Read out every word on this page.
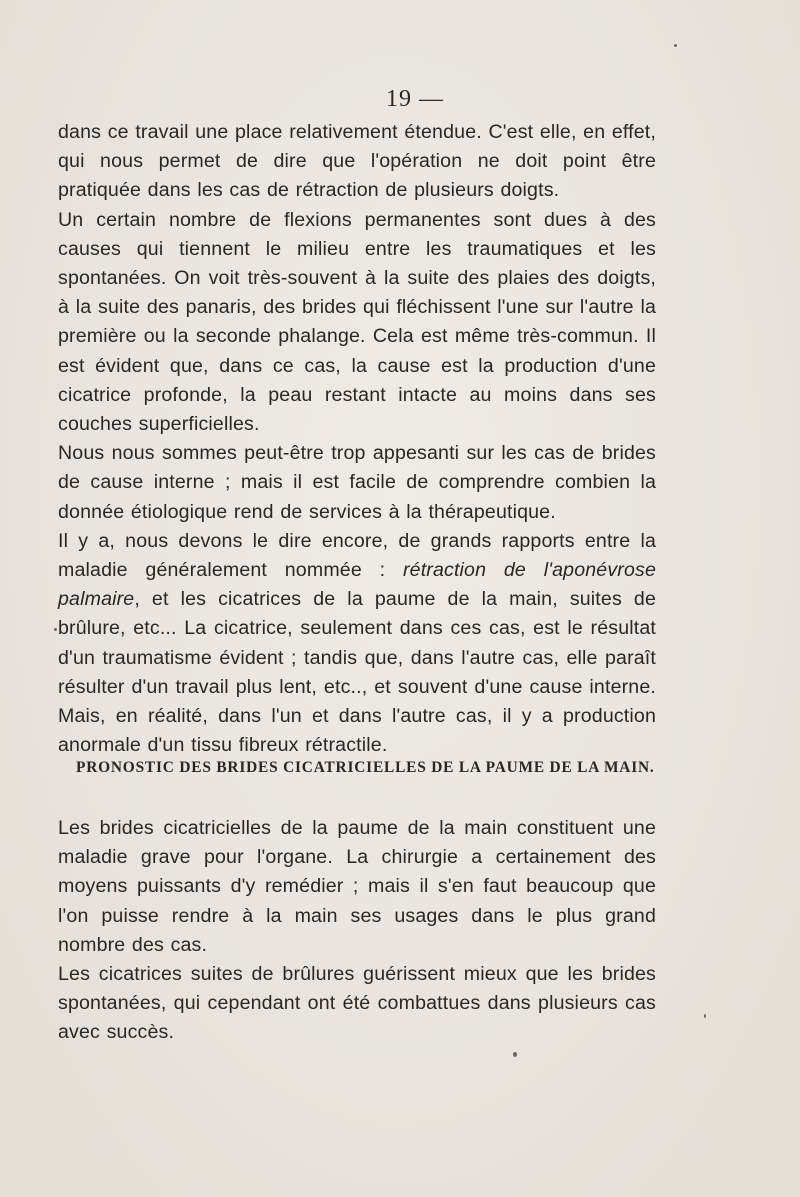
19 —

dans ce travail une place relativement étendue. C'est elle, en effet, qui nous permet de dire que l'opération ne doit point être pratiquée dans les cas de rétraction de plusieurs doigts.

Un certain nombre de flexions permanentes sont dues à des causes qui tiennent le milieu entre les traumatiques et les spontanées. On voit très-souvent à la suite des plaies des doigts, à la suite des panaris, des brides qui fléchissent l'une sur l'autre la première ou la seconde phalange. Cela est même très-commun. Il est évident que, dans ce cas, la cause est la production d'une cicatrice profonde, la peau restant intacte au moins dans ses couches superficielles.

Nous nous sommes peut-être trop appesanti sur les cas de brides de cause interne ; mais il est facile de comprendre combien la donnée étiologique rend de services à la thérapeutique.

Il y a, nous devons le dire encore, de grands rapports entre la maladie généralement nommée : rétraction de l'aponévrose palmaire, et les cicatrices de la paume de la main, suites de brûlure, etc... La cicatrice, seulement dans ces cas, est le résultat d'un traumatisme évident ; tandis que, dans l'autre cas, elle paraît résulter d'un travail plus lent, etc.., et souvent d'une cause interne. Mais, en réalité, dans l'un et dans l'autre cas, il y a production anormale d'un tissu fibreux rétractile.

PRONOSTIC DES BRIDES CICATRICIELLES DE LA PAUME DE LA MAIN.

Les brides cicatricielles de la paume de la main constituent une maladie grave pour l'organe. La chirurgie a certainement des moyens puissants d'y remédier ; mais il s'en faut beaucoup que l'on puisse rendre à la main ses usages dans le plus grand nombre des cas.

Les cicatrices suites de brûlures guérissent mieux que les brides spontanées, qui cependant ont été combattues dans plusieurs cas avec succès.
